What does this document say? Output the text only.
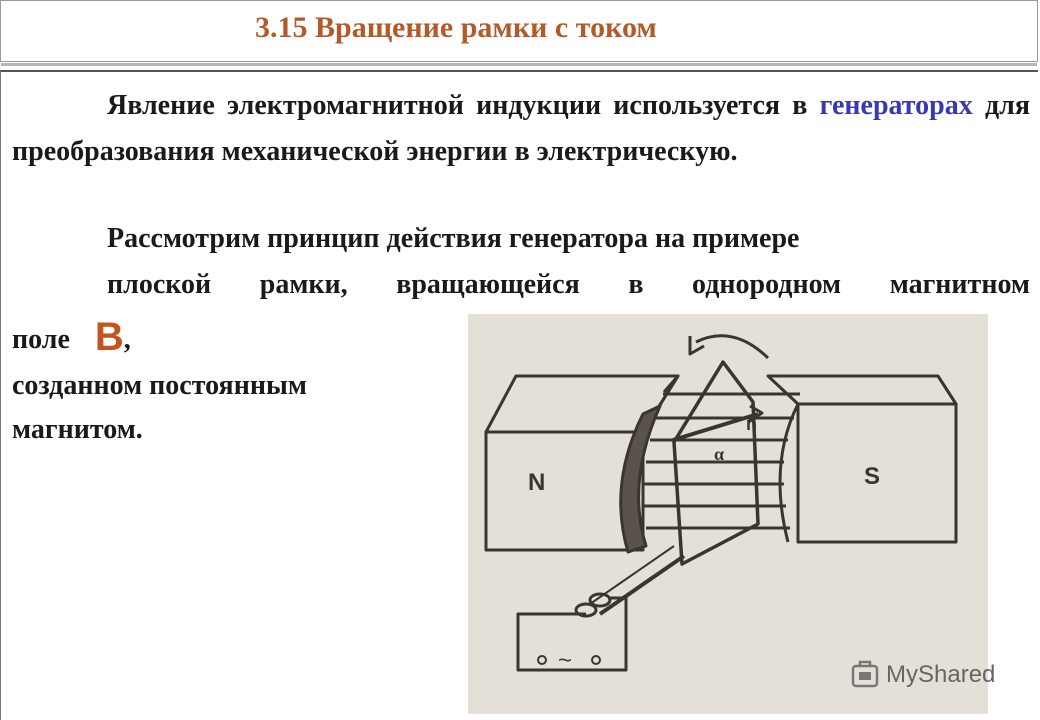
3.15 Вращение рамки с током

Явление электромагнитной индукции используется в генераторах для преобразования механической энергии в электрическую.

Рассмотрим принцип действия генератора на примере
плоской рамки, вращающейся в однородном магнитном

поле B,

созданном постоянным
магнитом.

N	S
n
α
~
MyShared
